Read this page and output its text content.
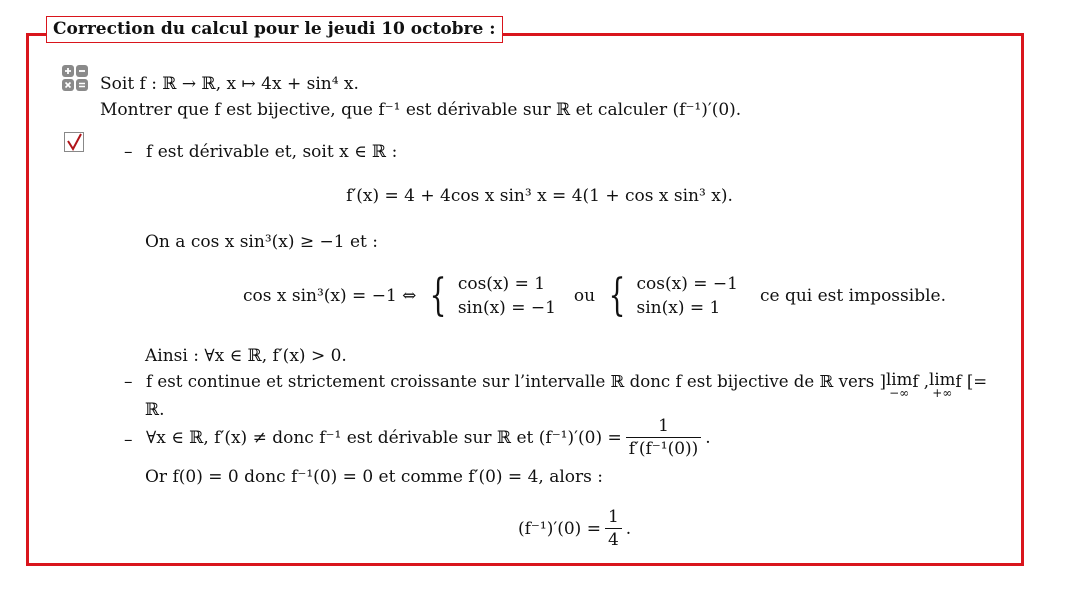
Correction du calcul pour le jeudi 10 octobre :
Soit f : ℝ → ℝ, x ↦ 4x + sin⁴ x.
Montrer que f est bijective, que f⁻¹ est dérivable sur ℝ et calculer (f⁻¹)′(0).
– f est dérivable et, soit x ∈ ℝ :
f′(x) = 4 + 4cos x sin³ x = 4(1 + cos x sin³ x).
On a cos x sin³(x) ≥ −1 et :
cos x sin³(x) = −1 ⇔ { cos(x) = 1
sin(x) = −1
ou { cos(x) = −1
sin(x) = 1
ce qui est impossible.
Ainsi : ∀x ∈ ℝ, f′(x) > 0.
– f est continue et strictement croissante sur l’intervalle ℝ donc f est bijective de ℝ vers ]lim
−∞
f ,lim
+∞
f [=
ℝ.
– ∀x ∈ ℝ, f′(x) ≠ donc f⁻¹ est dérivable sur ℝ et $(f^{-1})'(0) = \frac{1}{\text{f′(f⁻¹(0))}}$ .
Or f(0) = 0 donc f⁻¹(0) = 0 et comme f′(0) = 4, alors :
$(f^{-1})'(0) = \frac{1}{4}$ .
